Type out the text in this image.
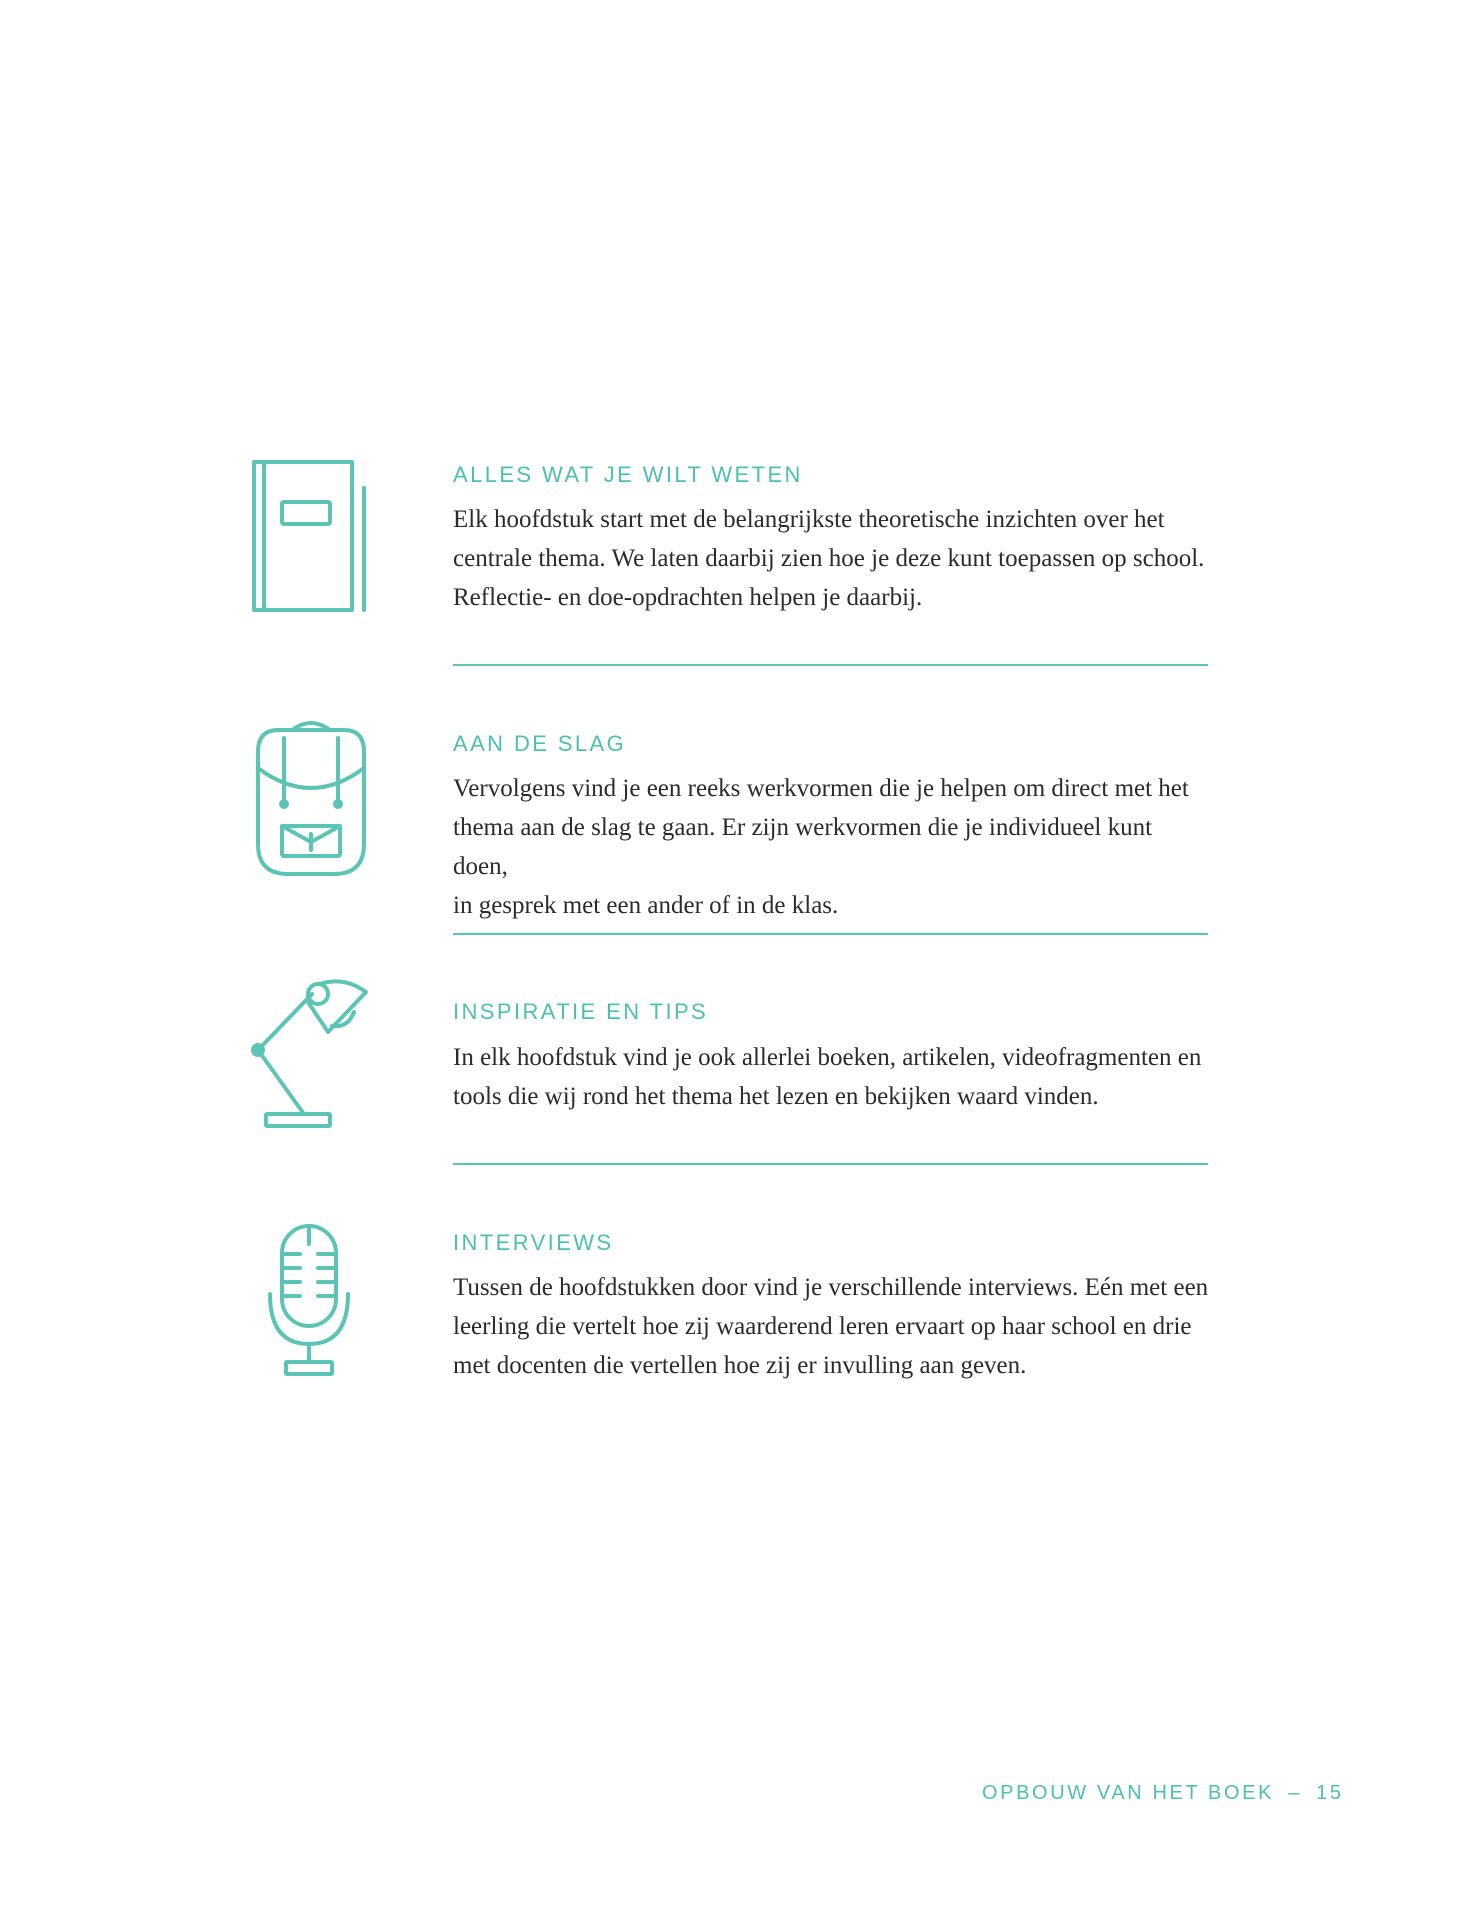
ALLES WAT JE WILT WETEN
Elk hoofdstuk start met de belangrijkste theoretische inzichten over het
centrale thema. We laten daarbij zien hoe je deze kunt toepassen op school.
Reflectie- en doe-opdrachten helpen je daarbij.
AAN DE SLAG
Vervolgens vind je een reeks werkvormen die je helpen om direct met het
thema aan de slag te gaan. Er zijn werkvormen die je individueel kunt doen,
in gesprek met een ander of in de klas.
INSPIRATIE EN TIPS
In elk hoofdstuk vind je ook allerlei boeken, artikelen, videofragmenten en
tools die wij rond het thema het lezen en bekijken waard vinden.
INTERVIEWS
Tussen de hoofdstukken door vind je verschillende interviews. Eén met een
leerling die vertelt hoe zij waarderend leren ervaart op haar school en drie
met docenten die vertellen hoe zij er invulling aan geven.
OPBOUW VAN HET BOEK – 15
